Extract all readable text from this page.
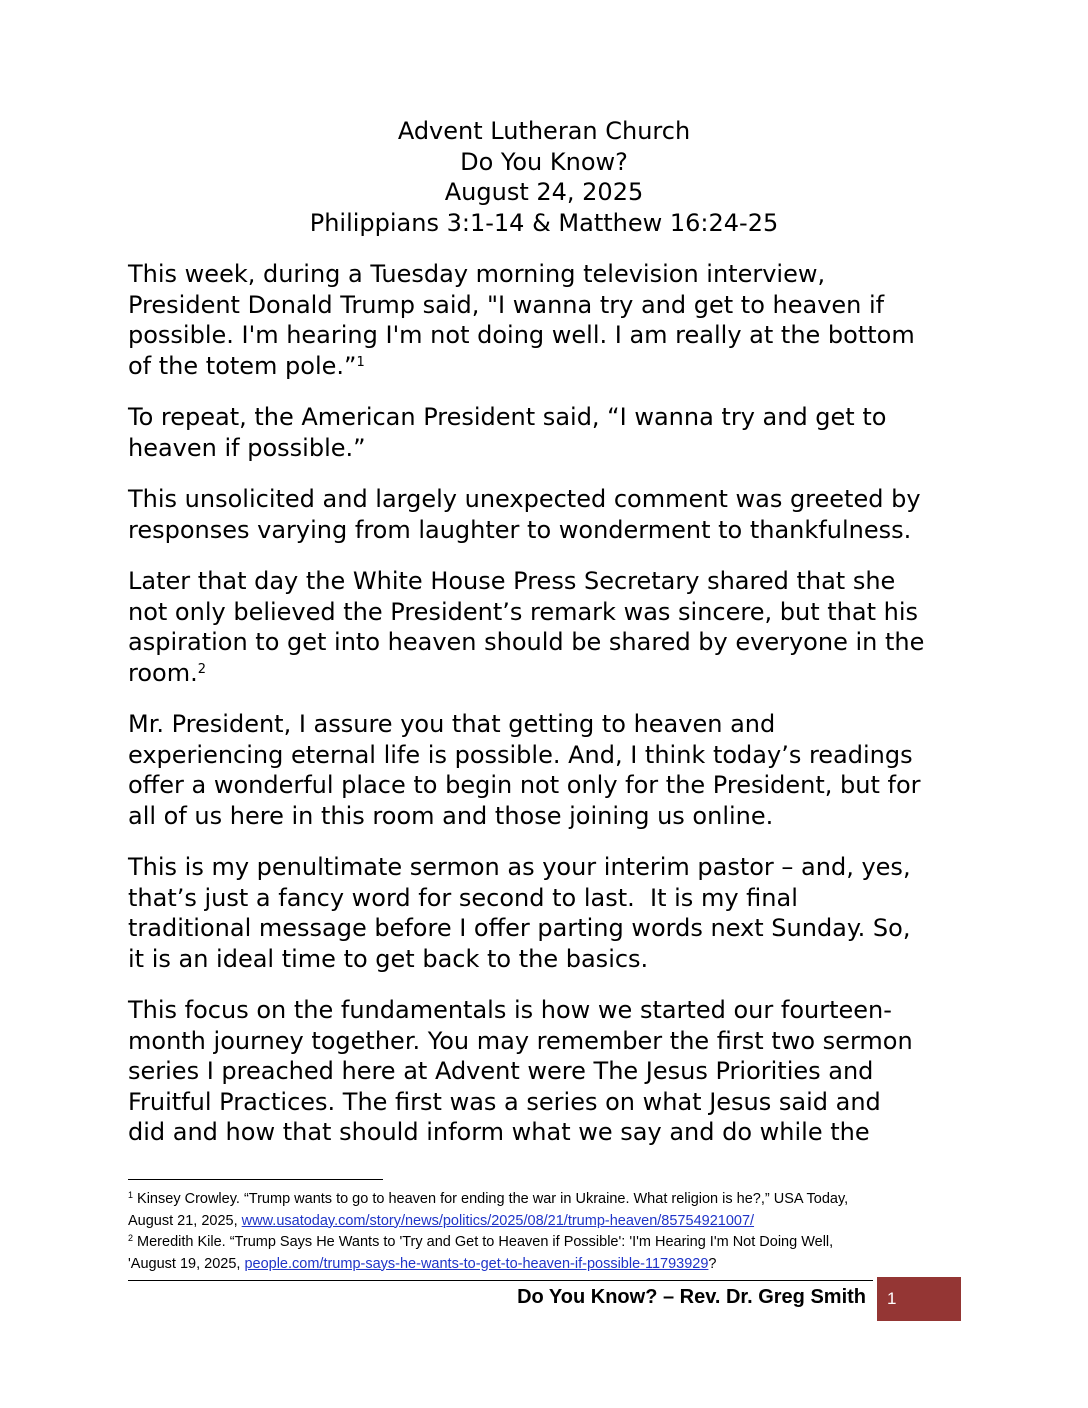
Advent Lutheran Church
Do You Know?
August 24, 2025
Philippians 3:1-14 & Matthew 16:24-25

This week, during a Tuesday morning television interview,
President Donald Trump said, "I wanna try and get to heaven if
possible. I'm hearing I'm not doing well. I am really at the bottom
of the totem pole.”$^1$

To repeat, the American President said, “I wanna try and get to
heaven if possible.”

This unsolicited and largely unexpected comment was greeted by
responses varying from laughter to wonderment to thankfulness.

Later that day the White House Press Secretary shared that she
not only believed the President’s remark was sincere, but that his
aspiration to get into heaven should be shared by everyone in the
room.$^2$

Mr. President, I assure you that getting to heaven and
experiencing eternal life is possible. And, I think today’s readings
offer a wonderful place to begin not only for the President, but for
all of us here in this room and those joining us online.

This is my penultimate sermon as your interim pastor – and, yes,
that’s just a fancy word for second to last.  It is my final
traditional message before I offer parting words next Sunday. So,
it is an ideal time to get back to the basics.

This focus on the fundamentals is how we started our fourteen-
month journey together. You may remember the first two sermon
series I preached here at Advent were The Jesus Priorities and
Fruitful Practices. The first was a series on what Jesus said and
did and how that should inform what we say and do while the

$^1$ Kinsey Crowley. “Trump wants to go to heaven for ending the war in Ukraine. What religion is he?,” USA Today,
August 21, 2025, www.usatoday.com/story/news/politics/2025/08/21/trump-heaven/85754921007/
$^2$ Meredith Kile. “Trump Says He Wants to 'Try and Get to Heaven if Possible': 'I'm Hearing I'm Not Doing Well,
'August 19, 2025, people.com/trump-says-he-wants-to-get-to-heaven-if-possible-11793929?
Do You Know? – Rev. Dr. Greg Smith 1
